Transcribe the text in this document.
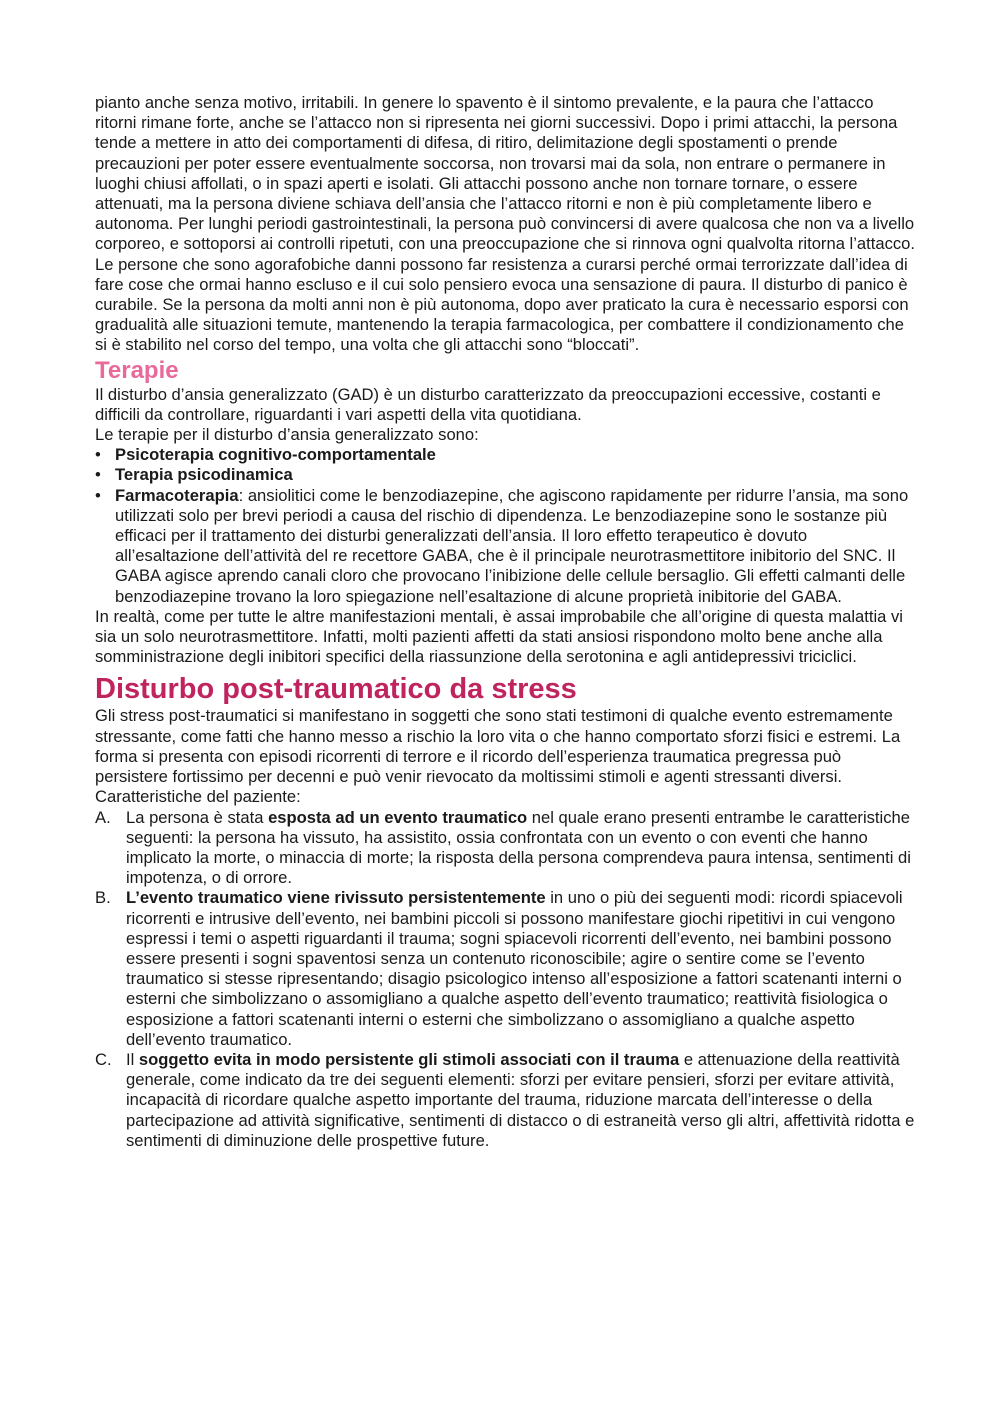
pianto anche senza motivo, irritabili. In genere lo spavento è il sintomo prevalente, e la paura che l’attacco ritorni rimane forte, anche se l’attacco non si ripresenta nei giorni successivi. Dopo i primi attacchi, la persona tende a mettere in atto dei comportamenti di difesa, di ritiro, delimitazione degli spostamenti o prende precauzioni per poter essere eventualmente soccorsa, non trovarsi mai da sola, non entrare o permanere in luoghi chiusi affollati, o in spazi aperti e isolati. Gli attacchi possono anche non tornare tornare, o essere attenuati, ma la persona diviene schiava dell’ansia che l’attacco ritorni e non è più completamente libero e autonoma. Per lunghi periodi gastrointestinali, la persona può convincersi di avere qualcosa che non va a livello corporeo, e sottoporsi ai controlli ripetuti, con una preoccupazione che si rinnova ogni qualvolta ritorna l’attacco. Le persone che sono agorafobiche danni possono far resistenza a curarsi perché ormai terrorizzate dall’idea di fare cose che ormai hanno escluso e il cui solo pensiero evoca una sensazione di paura. Il disturbo di panico è curabile. Se la persona da molti anni non è più autonoma, dopo aver praticato la cura è necessario esporsi con gradualità alle situazioni temute, mantenendo la terapia farmacologica, per combattere il condizionamento che si è stabilito nel corso del tempo, una volta che gli attacchi sono “bloccati”.

Terapie

Il disturbo d’ansia generalizzato (GAD) è un disturbo caratterizzato da preoccupazioni eccessive, costanti e difficili da controllare, riguardanti i vari aspetti della vita quotidiana.

Le terapie per il disturbo d’ansia generalizzato sono:

• Psicoterapia cognitivo-comportamentale
• Terapia psicodinamica
• Farmacoterapia: ansiolitici come le benzodiazepine, che agiscono rapidamente per ridurre l’ansia, ma sono utilizzati solo per brevi periodi a causa del rischio di dipendenza. Le benzodiazepine sono le sostanze più efficaci per il trattamento dei disturbi generalizzati dell’ansia. Il loro effetto terapeutico è dovuto all’esaltazione dell’attività del re recettore GABA, che è il principale neurotrasmettitore inibitorio del SNC. Il GABA agisce aprendo canali cloro che provocano l’inibizione delle cellule bersaglio. Gli effetti calmanti delle benzodiazepine trovano la loro spiegazione nell’esaltazione di alcune proprietà inibitorie del GABA.

In realtà, come per tutte le altre manifestazioni mentali, è assai improbabile che all’origine di questa malattia vi sia un solo neurotrasmettitore. Infatti, molti pazienti affetti da stati ansiosi rispondono molto bene anche alla somministrazione degli inibitori specifici della riassunzione della serotonina e agli antidepressivi triciclici.

Disturbo post-traumatico da stress

Gli stress post-traumatici si manifestano in soggetti che sono stati testimoni di qualche evento estremamente stressante, come fatti che hanno messo a rischio la loro vita o che hanno comportato sforzi fisici e estremi. La forma si presenta con episodi ricorrenti di terrore e il ricordo dell’esperienza traumatica pregressa può persistere fortissimo per decenni e può venir rievocato da moltissimi stimoli e agenti stressanti diversi.

Caratteristiche del paziente:

A. La persona è stata esposta ad un evento traumatico nel quale erano presenti entrambe le caratteristiche seguenti: la persona ha vissuto, ha assistito, ossia confrontata con un evento o con eventi che hanno implicato la morte, o minaccia di morte; la risposta della persona comprendeva paura intensa, sentimenti di impotenza, o di orrore.
B. L’evento traumatico viene rivissuto persistentemente in uno o più dei seguenti modi: ricordi spiacevoli ricorrenti e intrusive dell’evento, nei bambini piccoli si possono manifestare giochi ripetitivi in cui vengono espressi i temi o aspetti riguardanti il trauma; sogni spiacevoli ricorrenti dell’evento, nei bambini possono essere presenti i sogni spaventosi senza un contenuto riconoscibile; agire o sentire come se l’evento traumatico si stesse ripresentando; disagio psicologico intenso all’esposizione a fattori scatenanti interni o esterni che simbolizzano o assomigliano a qualche aspetto dell’evento traumatico; reattività fisiologica o esposizione a fattori scatenanti interni o esterni che simbolizzano o assomigliano a qualche aspetto dell’evento traumatico.
C. Il soggetto evita in modo persistente gli stimoli associati con il trauma e attenuazione della reattività generale, come indicato da tre dei seguenti elementi: sforzi per evitare pensieri, sforzi per evitare attività, incapacità di ricordare qualche aspetto importante del trauma, riduzione marcata dell’interesse o della partecipazione ad attività significative, sentimenti di distacco o di estraneità verso gli altri, affettività ridotta e sentimenti di diminuzione delle prospettive future.
